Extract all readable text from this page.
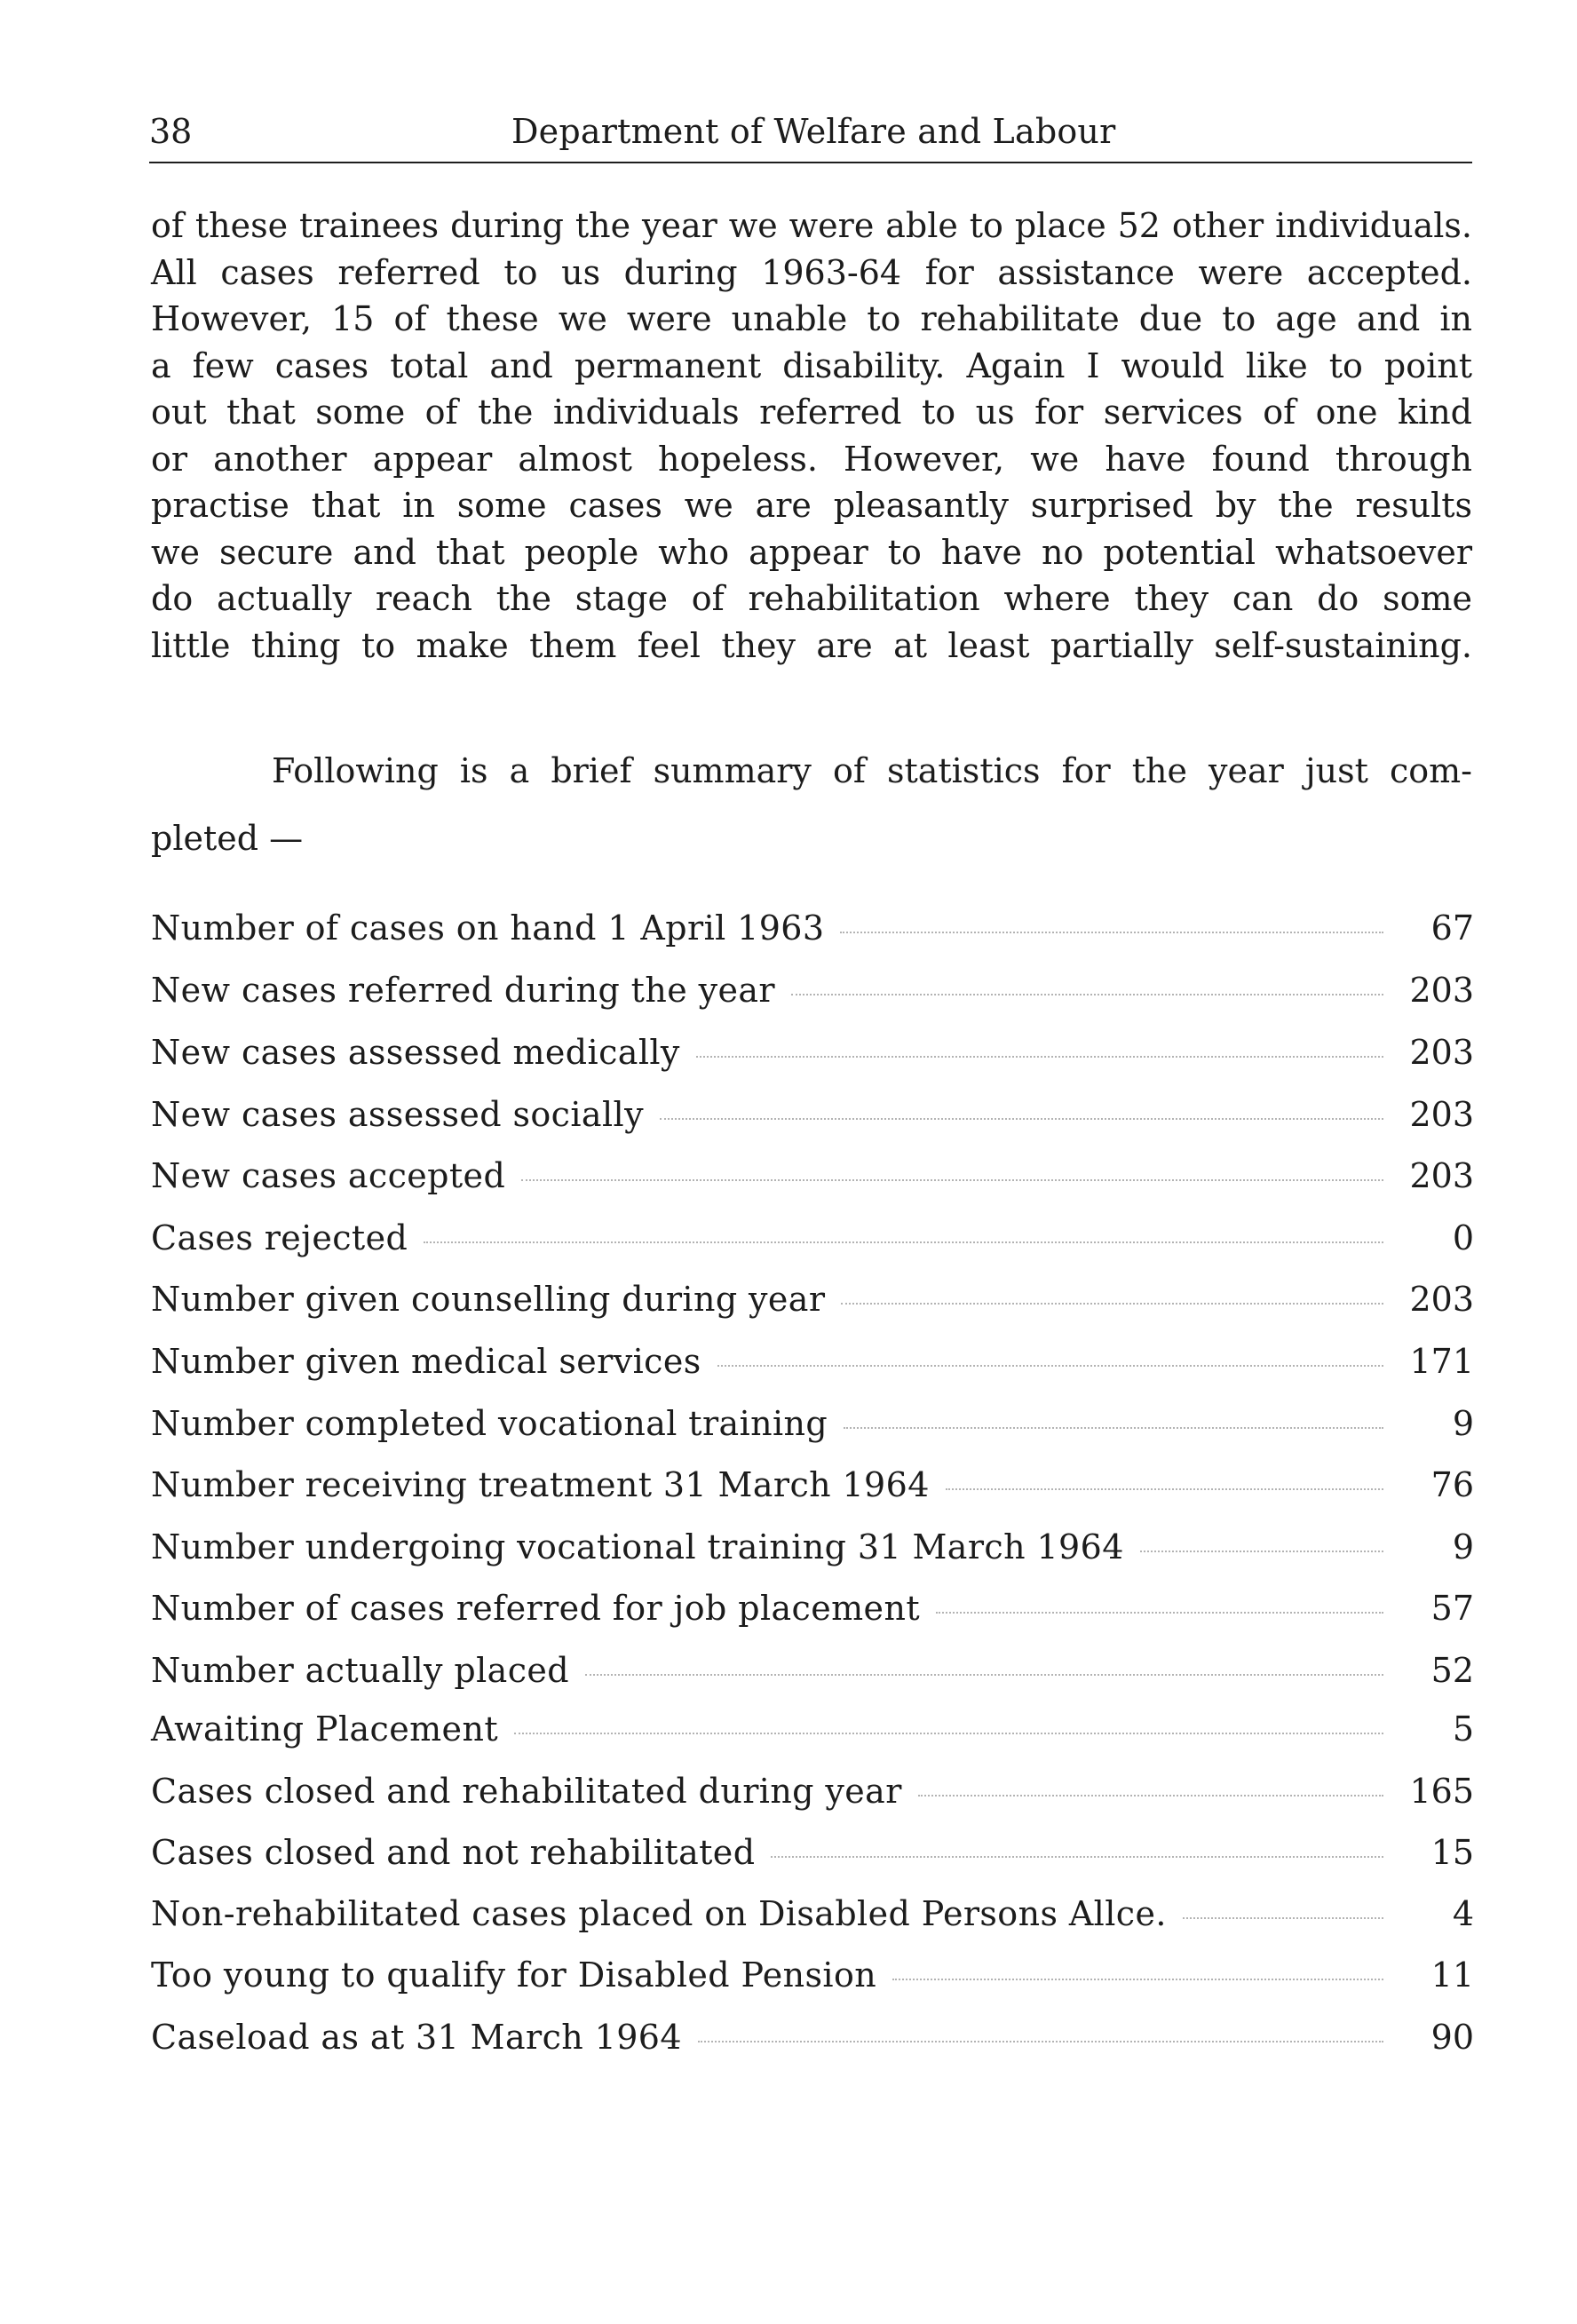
38	Department of Welfare and Labour
of these trainees during the year we were able to place 52 other individuals.
All cases referred to us during 1963-64 for assistance were accepted.
However, 15 of these we were unable to rehabilitate due to age and in
a few cases total and permanent disability. Again I would like to point
out that some of the individuals referred to us for services of one kind
or another appear almost hopeless. However, we have found through
practise that in some cases we are pleasantly surprised by the results
we secure and that people who appear to have no potential whatsoever
do actually reach the stage of rehabilitation where they can do some
little thing to make them feel they are at least partially self-sustaining.
Following is a brief summary of statistics for the year just com-
pleted —
Number of cases on hand 1 April 1963	67
New cases referred during the year	203
New cases assessed medically	203
New cases assessed socially	203
New cases accepted	203
Cases rejected	0
Number given counselling during year	203
Number given medical services	171
Number completed vocational training	9
Number receiving treatment 31 March 1964	76
Number undergoing vocational training 31 March 1964	9
Number of cases referred for job placement	57
Number actually placed	52
Awaiting Placement	5
Cases closed and rehabilitated during year	165
Cases closed and not rehabilitated	15
Non-rehabilitated cases placed on Disabled Persons Allce.	4
Too young to qualify for Disabled Pension	11
Caseload as at 31 March 1964	90
